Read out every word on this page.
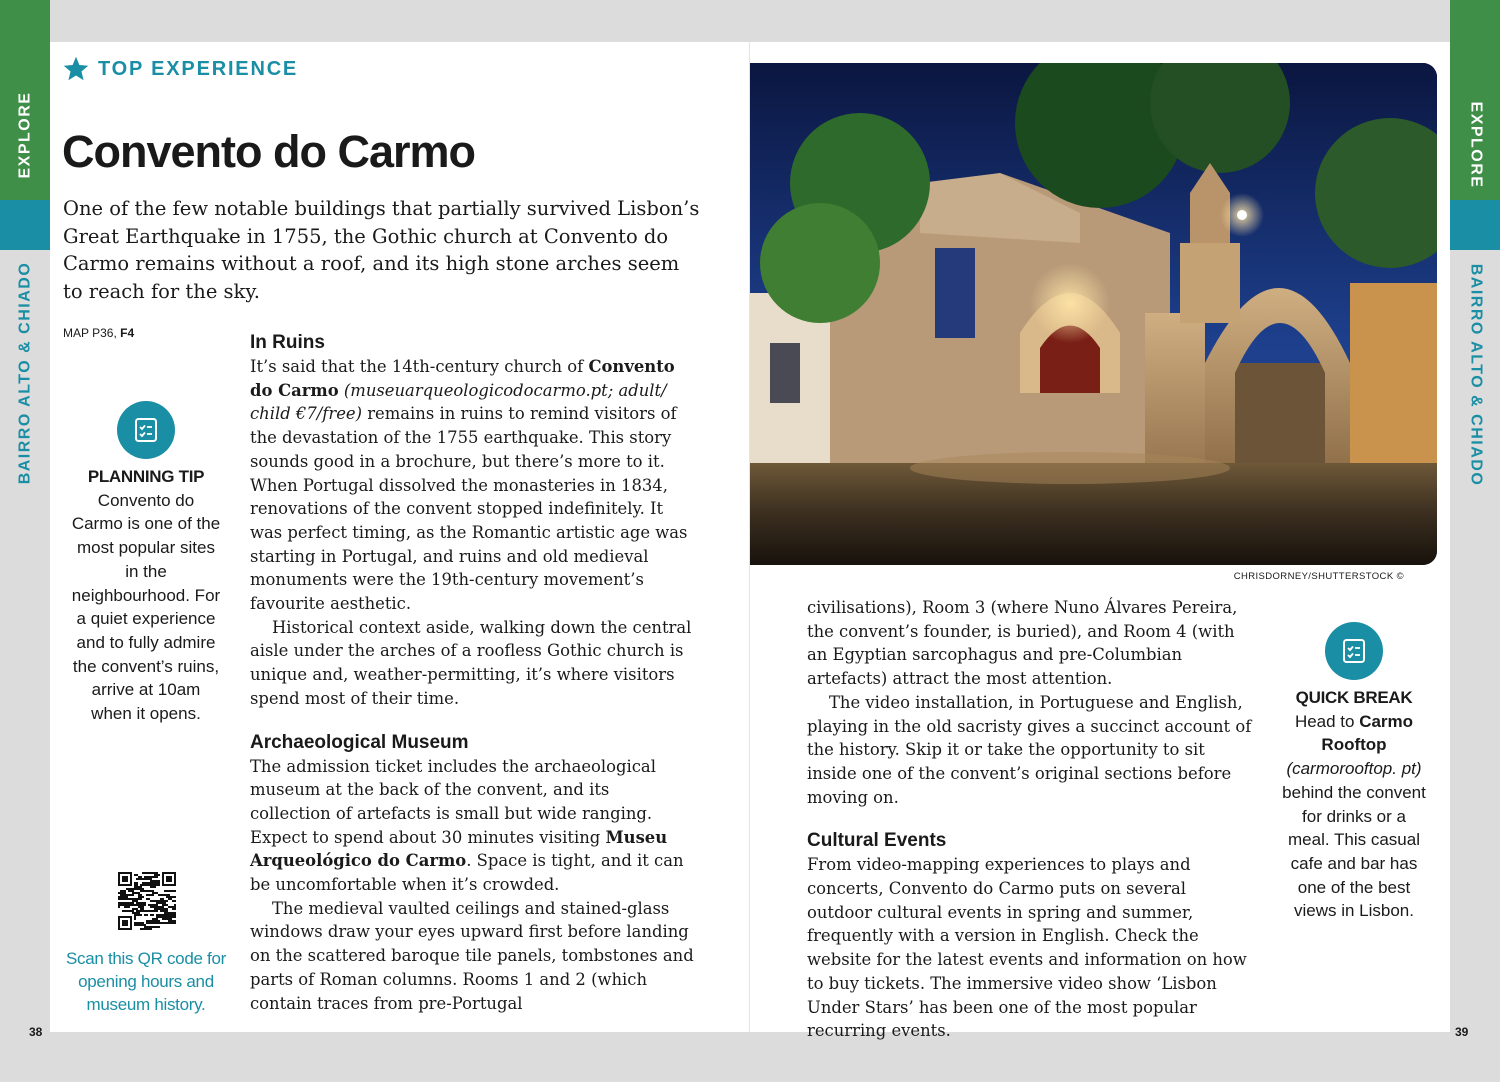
EXPLORE
BAIRRO ALTO & CHIADO
EXPLORE
BAIRRO ALTO & CHIADO
38	39
TOP EXPERIENCE
Convento do Carmo

One of the few notable buildings that partially survived Lisbon’s Great Earthquake in 1755, the Gothic church at Convento do Carmo remains without a roof, and its high stone arches seem to reach for the sky.

MAP P36, F4
PLANNING TIP
Convento do Carmo is one of the most popular sites in the neighbourhood. For a quiet experience and to fully admire the convent’s ruins, arrive at 10am when it opens.
Scan this QR code for opening hours and museum history.
In Ruins

It’s said that the 14th-century church of Convento do Carmo (museuarqueologicodocarmo.pt; adult/ child €7/free) remains in ruins to remind visitors of the devastation of the 1755 earthquake. This story sounds good in a brochure, but there’s more to it. When Portugal dissolved the monasteries in 1834, renovations of the convent stopped indefinitely. It was perfect timing, as the Romantic artistic age was starting in Portugal, and ruins and old medieval monuments were the 19th-century movement’s favourite aesthetic.

Historical context aside, walking down the central aisle under the arches of a roofless Gothic church is unique and, weather-permitting, it’s where visitors spend most of their time.

Archaeological Museum

The admission ticket includes the archaeological museum at the back of the convent, and its collection of artefacts is small but wide ranging. Expect to spend about 30 minutes visiting Museu Arqueológico do Carmo. Space is tight, and it can be uncomfortable when it’s crowded.

The medieval vaulted ceilings and stained-glass windows draw your eyes upward first before landing on the scattered baroque tile panels, tombstones and parts of Roman columns. Rooms 1 and 2 (which contain traces from pre-Portugal

CHRISDORNEY/SHUTTERSTOCK ©

civilisations), Room 3 (where Nuno Álvares Pereira, the convent’s founder, is buried), and Room 4 (with an Egyptian sarcophagus and pre-Columbian artefacts) attract the most attention.

The video installation, in Portuguese and English, playing in the old sacristy gives a succinct account of the history. Skip it or take the opportunity to sit inside one of the convent’s original sections before moving on.

Cultural Events

From video-mapping experiences to plays and concerts, Convento do Carmo puts on several outdoor cultural events in spring and summer, frequently with a version in English. Check the website for the latest events and information on how to buy tickets. The immersive video show ‘Lisbon Under Stars’ has been one of the most popular recurring events.

QUICK BREAK
Head to Carmo Rooftop (carmorooftop. pt) behind the convent for drinks or a meal. This casual cafe and bar has one of the best views in Lisbon.
